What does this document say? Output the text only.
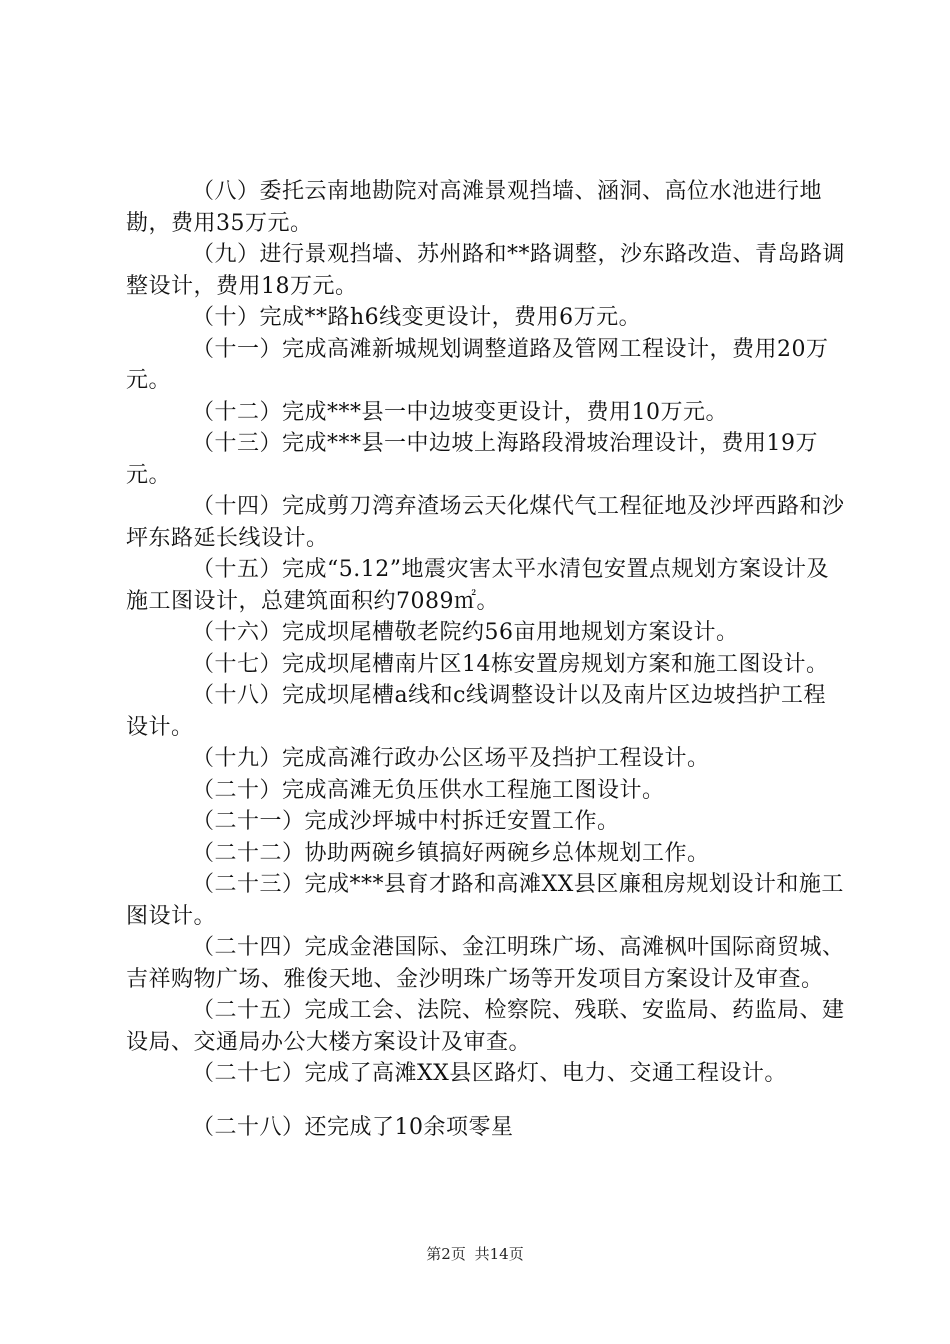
（八）委托云南地勘院对高滩景观挡墙、涵洞、高位水池进行地勘，费用35万元。

（九）进行景观挡墙、苏州路和**路调整，沙东路改造、青岛路调整设计，费用18万元。

（十）完成**路h6线变更设计，费用6万元。

（十一）完成高滩新城规划调整道路及管网工程设计，费用20万元。

（十二）完成***县一中边坡变更设计，费用10万元。

（十三）完成***县一中边坡上海路段滑坡治理设计，费用19万元。

（十四）完成剪刀湾弃渣场云天化煤代气工程征地及沙坪西路和沙坪东路延长线设计。

（十五）完成“5.12”地震灾害太平水清包安置点规划方案设计及施工图设计，总建筑面积约7089㎡。

（十六）完成坝尾槽敬老院约56亩用地规划方案设计。

（十七）完成坝尾槽南片区14栋安置房规划方案和施工图设计。

（十八）完成坝尾槽a线和c线调整设计以及南片区边坡挡护工程设计。

（十九）完成高滩行政办公区场平及挡护工程设计。

（二十）完成高滩无负压供水工程施工图设计。

（二十一）完成沙坪城中村拆迁安置工作。

（二十二）协助两碗乡镇搞好两碗乡总体规划工作。

（二十三）完成***县育才路和高滩XX县区廉租房规划设计和施工图设计。

（二十四）完成金港国际、金江明珠广场、高滩枫叶国际商贸城、吉祥购物广场、雅俊天地、金沙明珠广场等开发项目方案设计及审查。

（二十五）完成工会、法院、检察院、残联、安监局、药监局、建设局、交通局办公大楼方案设计及审查。

（二十七）完成了高滩XX县区路灯、电力、交通工程设计。

（二十八）还完成了10余项零星

第2页 共14页
